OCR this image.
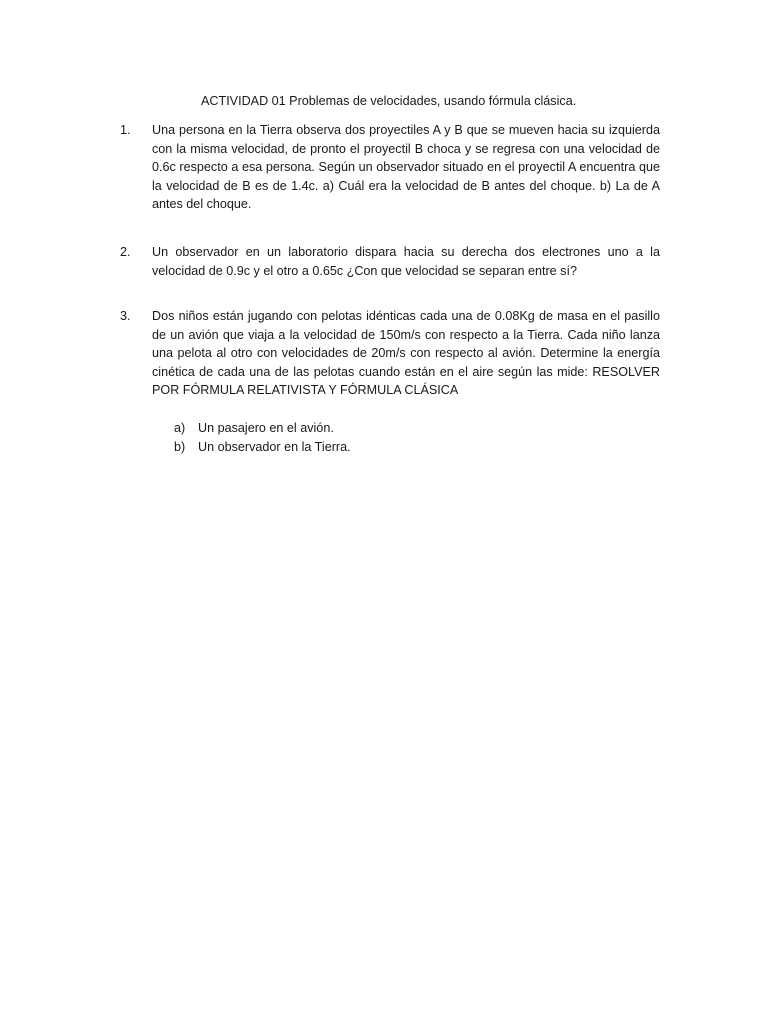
ACTIVIDAD 01 Problemas de velocidades, usando fórmula clásica.
1.	Una persona en la Tierra observa dos proyectiles A y B que se mueven hacia su izquierda con la misma velocidad, de pronto el proyectil B choca y se regresa con una velocidad de 0.6c respecto a esa persona. Según un observador situado en el proyectil A encuentra que la velocidad de B es de 1.4c. a) Cuál era la velocidad de B antes del choque. b) La de A antes del choque.
2.	Un observador en un laboratorio dispara hacia su derecha dos electrones uno a la velocidad de 0.9c y el otro a 0.65c ¿Con que velocidad se separan entre sí?
3.	Dos niños están jugando con pelotas idénticas cada una de 0.08Kg de masa en el pasillo de un avión que viaja a la velocidad de 150m/s con respecto a la Tierra. Cada niño lanza una pelota al otro con velocidades de 20m/s con respecto al avión. Determine la energía cinética de cada una de las pelotas cuando están en el aire según las mide: RESOLVER POR FÓRMULA RELATIVISTA Y FÓRMULA CLÁSICA
a)	Un pasajero en el avión.
b)	Un observador en la Tierra.
